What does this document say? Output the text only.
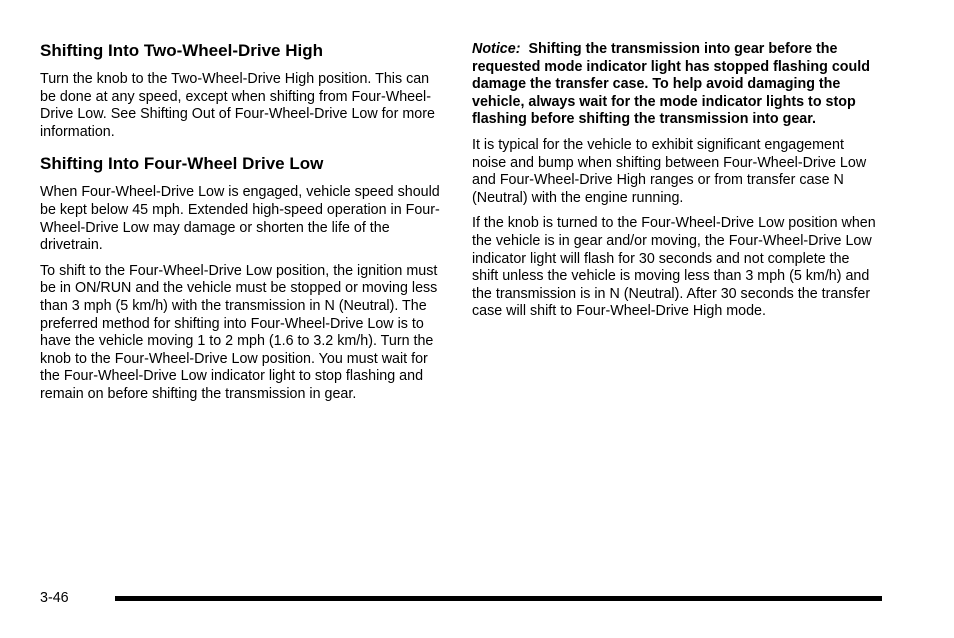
Shifting Into Two-Wheel-Drive High

Turn the knob to the Two-Wheel-Drive High position. This can be done at any speed, except when shifting from Four-Wheel-Drive Low. See Shifting Out of Four-Wheel-Drive Low for more information.

Shifting Into Four-Wheel Drive Low

When Four-Wheel-Drive Low is engaged, vehicle speed should be kept below 45 mph. Extended high-speed operation in Four-Wheel-Drive Low may damage or shorten the life of the drivetrain.

To shift to the Four-Wheel-Drive Low position, the ignition must be in ON/RUN and the vehicle must be stopped or moving less than 3 mph (5 km/h) with the transmission in N (Neutral). The preferred method for shifting into Four-Wheel-Drive Low is to have the vehicle moving 1 to 2 mph (1.6 to 3.2 km/h). Turn the knob to the Four-Wheel-Drive Low position. You must wait for the Four-Wheel-Drive Low indicator light to stop flashing and remain on before shifting the transmission in gear.

Notice: Shifting the transmission into gear before the requested mode indicator light has stopped flashing could damage the transfer case. To help avoid damaging the vehicle, always wait for the mode indicator lights to stop flashing before shifting the transmission into gear.

It is typical for the vehicle to exhibit significant engagement noise and bump when shifting between Four-Wheel-Drive Low and Four-Wheel-Drive High ranges or from transfer case N (Neutral) with the engine running.

If the knob is turned to the Four-Wheel-Drive Low position when the vehicle is in gear and/or moving, the Four-Wheel-Drive Low indicator light will flash for 30 seconds and not complete the shift unless the vehicle is moving less than 3 mph (5 km/h) and the transmission is in N (Neutral). After 30 seconds the transfer case will shift to Four-Wheel-Drive High mode.

3-46
